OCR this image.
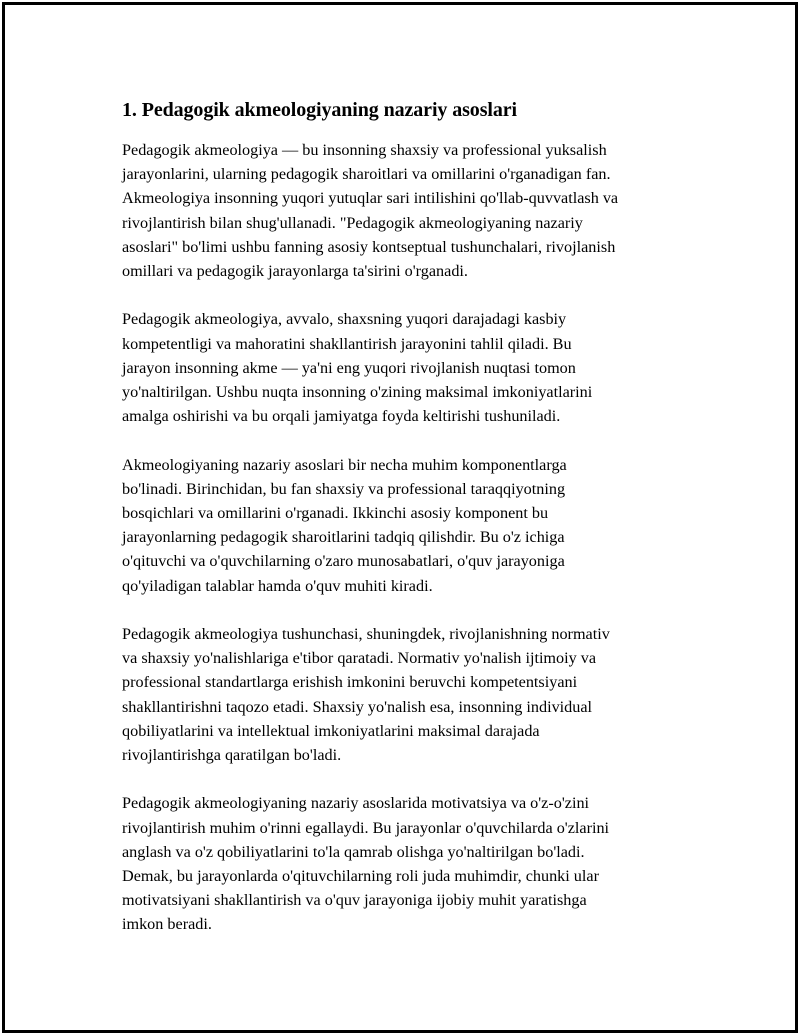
1. Pedagogik akmeologiyaning nazariy asoslari

Pedagogik akmeologiya — bu insonning shaxsiy va professional yuksalish
jarayonlarini, ularning pedagogik sharoitlari va omillarini o'rganadigan fan.
Akmeologiya insonning yuqori yutuqlar sari intilishini qo'llab-quvvatlash va
rivojlantirish bilan shug'ullanadi. "Pedagogik akmeologiyaning nazariy
asoslari" bo'limi ushbu fanning asosiy kontseptual tushunchalari, rivojlanish
omillari va pedagogik jarayonlarga ta'sirini o'rganadi.

Pedagogik akmeologiya, avvalo, shaxsning yuqori darajadagi kasbiy
kompetentligi va mahoratini shakllantirish jarayonini tahlil qiladi. Bu
jarayon insonning akme — ya'ni eng yuqori rivojlanish nuqtasi tomon
yo'naltirilgan. Ushbu nuqta insonning o'zining maksimal imkoniyatlarini
amalga oshirishi va bu orqali jamiyatga foyda keltirishi tushuniladi.

Akmeologiyaning nazariy asoslari bir necha muhim komponentlarga
bo'linadi. Birinchidan, bu fan shaxsiy va professional taraqqiyotning
bosqichlari va omillarini o'rganadi. Ikkinchi asosiy komponent bu
jarayonlarning pedagogik sharoitlarini tadqiq qilishdir. Bu o'z ichiga
o'qituvchi va o'quvchilarning o'zaro munosabatlari, o'quv jarayoniga
qo'yiladigan talablar hamda o'quv muhiti kiradi.

Pedagogik akmeologiya tushunchasi, shuningdek, rivojlanishning normativ
va shaxsiy yo'nalishlariga e'tibor qaratadi. Normativ yo'nalish ijtimoiy va
professional standartlarga erishish imkonini beruvchi kompetentsiyani
shakllantirishni taqozo etadi. Shaxsiy yo'nalish esa, insonning individual
qobiliyatlarini va intellektual imkoniyatlarini maksimal darajada
rivojlantirishga qaratilgan bo'ladi.

Pedagogik akmeologiyaning nazariy asoslarida motivatsiya va o'z-o'zini
rivojlantirish muhim o'rinni egallaydi. Bu jarayonlar o'quvchilarda o'zlarini
anglash va o'z qobiliyatlarini to'la qamrab olishga yo'naltirilgan bo'ladi.
Demak, bu jarayonlarda o'qituvchilarning roli juda muhimdir, chunki ular
motivatsiyani shakllantirish va o'quv jarayoniga ijobiy muhit yaratishga
imkon beradi.
